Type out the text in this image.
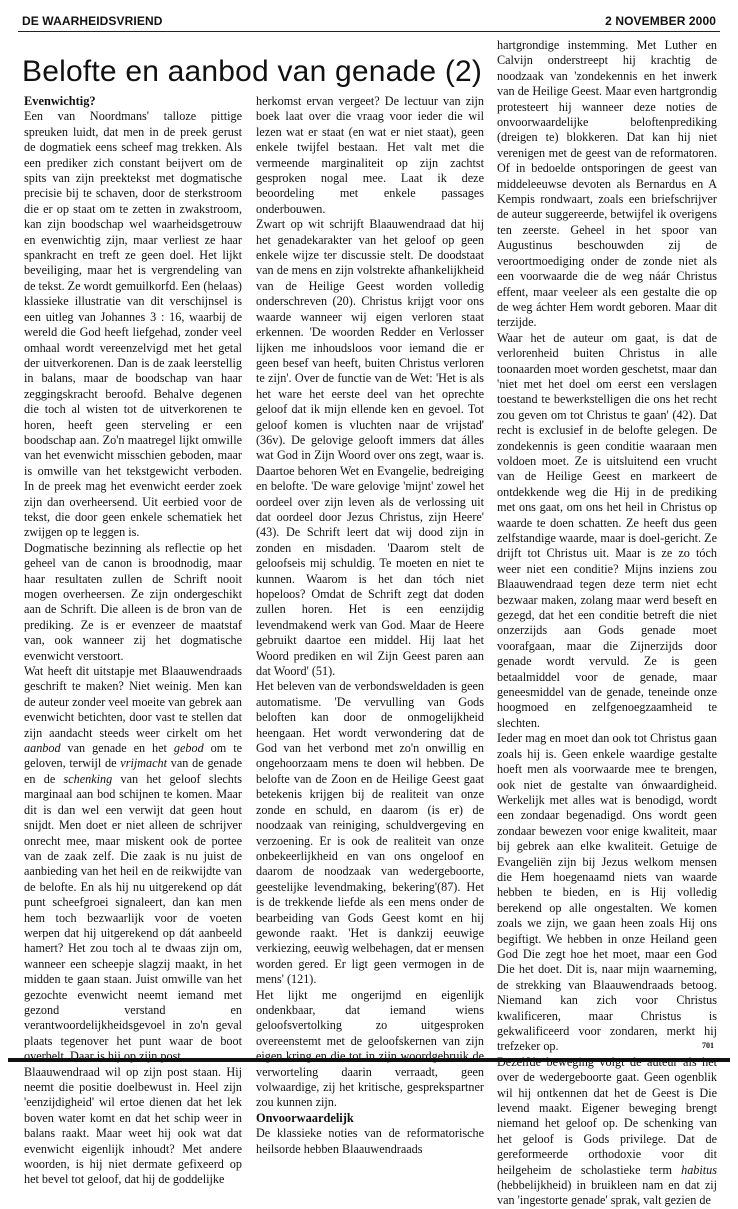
DE WAARHEIDSVRIEND	2 NOVEMBER 2000
Belofte en aanbod van genade (2)

Evenwichtig?

Een van Noordmans' talloze pittige spreuken luidt, dat men in de preek gerust de dogmatiek eens scheef mag trekken. Als een prediker zich constant beijvert om de spits van zijn preektekst met dogmatische precisie bij te schaven, door de sterkstroom die er op staat om te zetten in zwakstroom, kan zijn boodschap wel waarheidsgetrouw en evenwichtig zijn, maar verliest ze haar spankracht en treft ze geen doel. Het lijkt beveiliging, maar het is vergrendeling van de tekst. Ze wordt gemuilkorfd. Een (helaas) klassieke illustratie van dit verschijnsel is een uitleg van Johannes 3 : 16, waarbij de wereld die God heeft liefgehad, zonder veel omhaal wordt vereenzelvigd met het getal der uitverkorenen. Dan is de zaak leerstellig in balans, maar de boodschap van haar zeggingskracht beroofd. Behalve degenen die toch al wisten tot de uitverkorenen te horen, heeft geen sterveling er een boodschap aan. Zo'n maatregel lijkt omwille van het evenwicht misschien geboden, maar is omwille van het tekstgewicht verboden. In de preek mag het evenwicht eerder zoek zijn dan overheersend. Uit eerbied voor de tekst, die door geen enkele schematiek het zwijgen op te leggen is.

Dogmatische bezinning als reflectie op het geheel van de canon is broodnodig, maar haar resultaten zullen de Schrift nooit mogen overheersen. Ze zijn ondergeschikt aan de Schrift. Die alleen is de bron van de prediking. Ze is er evenzeer de maatstaf van, ook wanneer zij het dogmatische evenwicht verstoort.

Wat heeft dit uitstapje met Blaauwendraads geschrift te maken? Niet weinig. Men kan de auteur zonder veel moeite van gebrek aan evenwicht betichten, door vast te stellen dat zijn aandacht steeds weer cirkelt om het aanbod van genade en het gebod om te geloven, terwijl de vrijmacht van de genade en de schenking van het geloof slechts marginaal aan bod schijnen te komen. Maar dit is dan wel een verwijt dat geen hout snijdt. Men doet er niet alleen de schrijver onrecht mee, maar miskent ook de portee van de zaak zelf. Die zaak is nu juist de aanbieding van het heil en de reikwijdte van de belofte. En als hij nu uitgerekend op dát punt scheefgroei signaleert, dan kan men hem toch bezwaarlijk voor de voeten werpen dat hij uitgerekend op dát aanbeeld hamert? Het zou toch al te dwaas zijn om, wanneer een scheepje slagzij maakt, in het midden te gaan staan. Juist omwille van het gezochte evenwicht neemt iemand met gezond verstand en verantwoordelijkheidsgevoel in zo'n geval plaats tegenover het punt waar de boot overhelt. Daar is hij op zijn post.

Blaauwendraad wil op zijn post staan. Hij neemt die positie doelbewust in. Heel zijn 'eenzijdigheid' wil ertoe dienen dat het lek boven water komt en dat het schip weer in balans raakt. Maar weet hij ook wat dat evenwicht eigenlijk inhoudt? Met andere woorden, is hij niet dermate gefixeerd op het bevel tot geloof, dat hij de goddelijke

herkomst ervan vergeet? De lectuur van zijn boek laat over die vraag voor ieder die wil lezen wat er staat (en wat er niet staat), geen enkele twijfel bestaan. Het valt met die vermeende marginaliteit op zijn zachtst gesproken nogal mee. Laat ik deze beoordeling met enkele passages onderbouwen.

Zwart op wit schrijft Blaauwendraad dat hij het genadekarakter van het geloof op geen enkele wijze ter discussie stelt. De doodstaat van de mens en zijn volstrekte afhankelijkheid van de Heilige Geest worden volledig onderschreven (20). Christus krijgt voor ons waarde wanneer wij eigen verloren staat erkennen. 'De woorden Redder en Verlosser lijken me inhoudsloos voor iemand die er geen besef van heeft, buiten Christus verloren te zijn'. Over de functie van de Wet: 'Het is als het ware het eerste deel van het oprechte geloof dat ik mijn ellende ken en gevoel. Tot geloof komen is vluchten naar de vrijstad' (36v). De gelovige gelooft immers dat álles wat God in Zijn Woord over ons zegt, waar is. Daartoe behoren Wet en Evangelie, bedreiging en belofte. 'De ware gelovige 'mijnt' zowel het oordeel over zijn leven als de verlossing uit dat oordeel door Jezus Christus, zijn Heere' (43). De Schrift leert dat wij dood zijn in zonden en misdaden. 'Daarom stelt de geloofseis mij schuldig. Te moeten en niet te kunnen. Waarom is het dan tóch niet hopeloos? Omdat de Schrift zegt dat doden zullen horen. Het is een eenzijdig levendmakend werk van God. Maar de Heere gebruikt daartoe een middel. Hij laat het Woord prediken en wil Zijn Geest paren aan dat Woord' (51).

Het beleven van de verbondsweldaden is geen automatisme. 'De vervulling van Gods beloften kan door de onmogelijkheid heengaan. Het wordt verwondering dat de God van het verbond met zo'n onwillig en ongehoorzaam mens te doen wil hebben. De belofte van de Zoon en de Heilige Geest gaat betekenis krijgen bij de realiteit van onze zonde en schuld, en daarom (is er) de noodzaak van reiniging, schuldvergeving en verzoening. Er is ook de realiteit van onze onbekeerlijkheid en van ons ongeloof en daarom de noodzaak van wedergeboorte, geestelijke levendmaking, bekering'(87). Het is de trekkende liefde als een mens onder de bearbeiding van Gods Geest komt en hij gewonde raakt. 'Het is dankzij eeuwige verkiezing, eeuwìg welbehagen, dat er mensen worden gered. Er ligt geen vermogen in de mens' (121).

Het lijkt me ongerijmd en eigenlijk ondenkbaar, dat iemand wiens geloofsvertolking zo uitgesproken overeenstemt met de geloofskernen van zijn eigen kring en die tot in zijn woordgebruik de verworteling daarin verraadt, geen volwaardige, zij het kritische, gesprekspartner zou kunnen zijn.

Onvoorwaardelijk

De klassieke noties van de reformatorische heilsorde hebben Blaauwendraads

hartgrondige instemming. Met Luther en Calvijn onderstreept hij krachtig de noodzaak van 'zondekennis en het inwerk van de Heilige Geest. Maar even hartgrondig protesteert hij wanneer deze noties de onvoorwaardelijke beloftenprediking (dreigen te) blokkeren. Dat kan hij niet verenigen met de geest van de reformatoren. Of in bedoelde ontsporingen de geest van middeleeuwse devoten als Bernardus en A Kempis rondwaart, zoals een briefschrijver de auteur suggereerde, betwijfel ik overigens ten zeerste. Geheel in het spoor van Augustinus beschouwden zij de veroortmoediging onder de zonde niet als een voorwaarde die de weg náár Christus effent, maar veeleer als een gestalte die op de weg áchter Hem wordt geboren. Maar dit terzijde.

Waar het de auteur om gaat, is dat de verlorenheid buiten Christus in alle toonaarden moet worden geschetst, maar dan 'niet met het doel om eerst een verslagen toestand te bewerkstelligen die ons het recht zou geven om tot Christus te gaan' (42). Dat recht is exclusief in de belofte gelegen. De zondekennis is geen conditie waaraan men voldoen moet. Ze is uitsluitend een vrucht van de Heilige Geest en markeert de ontdekkende weg die Hij in de prediking met ons gaat, om ons het heil in Christus op waarde te doen schatten. Ze heeft dus geen zelfstandige waarde, maar is doel-gericht. Ze drijft tot Christus uit. Maar is ze zo tóch weer niet een conditie? Mijns inziens zou Blaauwendraad tegen deze term niet echt bezwaar maken, zolang maar werd beseft en gezegd, dat het een conditie betreft die niet onzerzijds aan Gods genade moet voorafgaan, maar die Zijnerzijds door genade wordt vervuld. Ze is geen betaalmiddel voor de genade, maar geneesmiddel van de genade, teneinde onze hoogmoed en zelfgenoegzaamheid te slechten.

Ieder mag en moet dan ook tot Christus gaan zoals hij is. Geen enkele waardige gestalte hoeft men als voorwaarde mee te brengen, ook niet de gestalte van ónwaardigheid. Werkelijk met alles wat is benodigd, wordt een zondaar begenadigd. Ons wordt geen zondaar bewezen voor enige kwaliteit, maar bij gebrek aan elke kwaliteit. Getuige de Evangeliën zijn bij Jezus welkom mensen die Hem hoegenaamd niets van waarde hebben te bieden, en is Hij volledig berekend op alle ongestalten. We komen zoals we zijn, we gaan heen zoals Hij ons begiftigt. We hebben in onze Heiland geen God Die zegt hoe het moet, maar een God Die het doet. Dit is, naar mijn waarneming, de strekking van Blaauwendraads betoog. Niemand kan zich voor Christus kwalificeren, maar Christus is gekwalificeerd voor zondaren, merkt hij trefzeker op.

Dezelfde beweging volgt de auteur als het over de wedergeboorte gaat. Geen ogenblik wil hij ontkennen dat het de Geest is Die levend maakt. Eigener beweging brengt niemand het geloof op. De schenking van het geloof is Gods privilege. Dat de gereformeerde orthodoxie voor dit heilgeheim de scholastieke term habitus (hebbelijkheid) in bruikleen nam en dat zij van 'ingestorte genade' sprak, valt gezien de

701
